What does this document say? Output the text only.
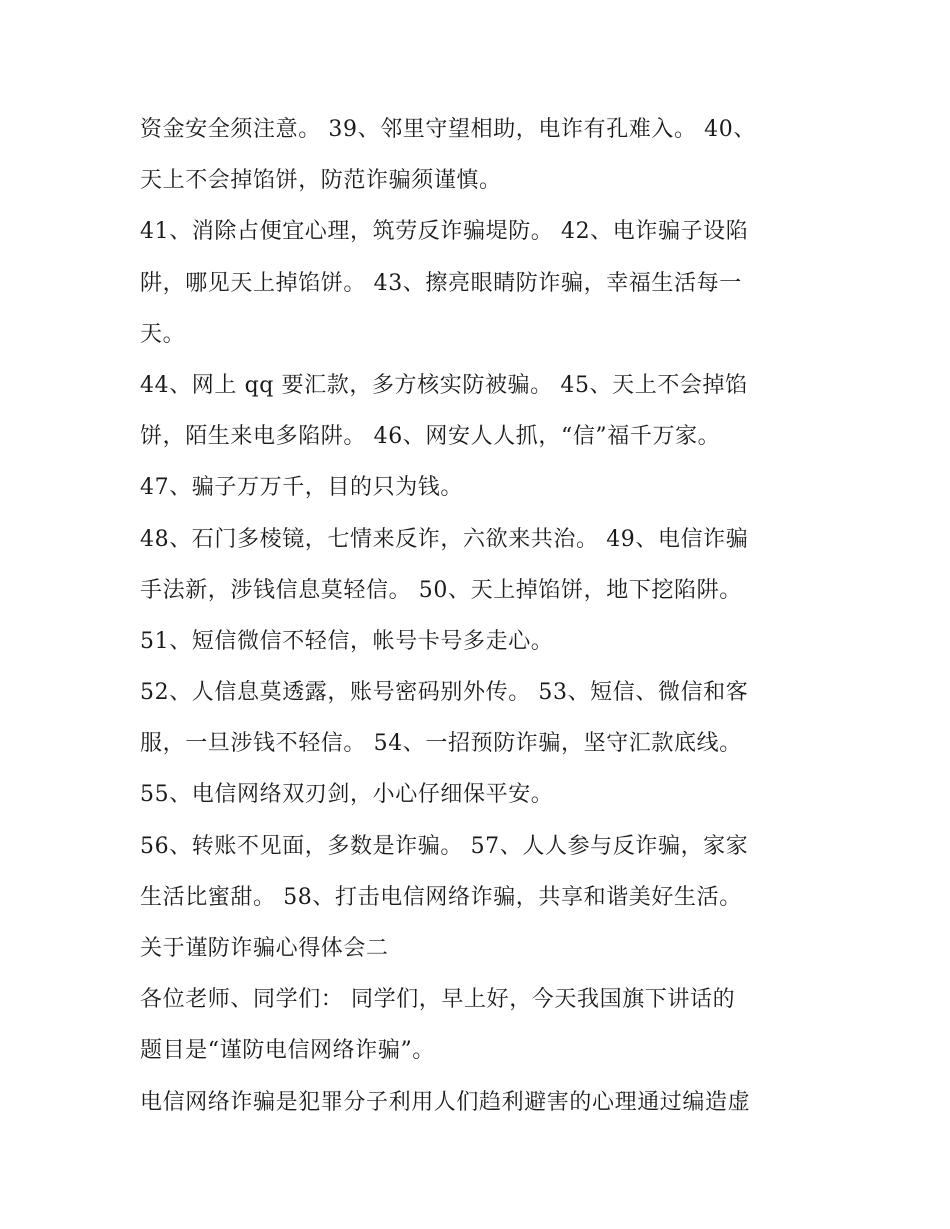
资金安全须注意。 39、邻里守望相助，电诈有孔难入。 40、
天上不会掉馅饼，防范诈骗须谨慎。
41、消除占便宜心理，筑劳反诈骗堤防。 42、电诈骗子设陷
阱，哪见天上掉馅饼。 43、擦亮眼睛防诈骗，幸福生活每一
天。
44、网上 qq 要汇款，多方核实防被骗。 45、天上不会掉馅
饼，陌生来电多陷阱。 46、网安人人抓，“信”福千万家。
47、骗子万万千，目的只为钱。
48、石门多棱镜，七情来反诈，六欲来共治。 49、电信诈骗
手法新，涉钱信息莫轻信。 50、天上掉馅饼，地下挖陷阱。
51、短信微信不轻信，帐号卡号多走心。
52、人信息莫透露，账号密码别外传。 53、短信、微信和客
服，一旦涉钱不轻信。 54、一招预防诈骗，坚守汇款底线。
55、电信网络双刃剑，小心仔细保平安。
56、转账不见面，多数是诈骗。 57、人人参与反诈骗，家家
生活比蜜甜。 58、打击电信网络诈骗，共享和谐美好生活。
关于谨防诈骗心得体会二
各位老师、同学们： 同学们，早上好，今天我国旗下讲话的
题目是“谨防电信网络诈骗”。
电信网络诈骗是犯罪分子利用人们趋利避害的心理通过编造虚
